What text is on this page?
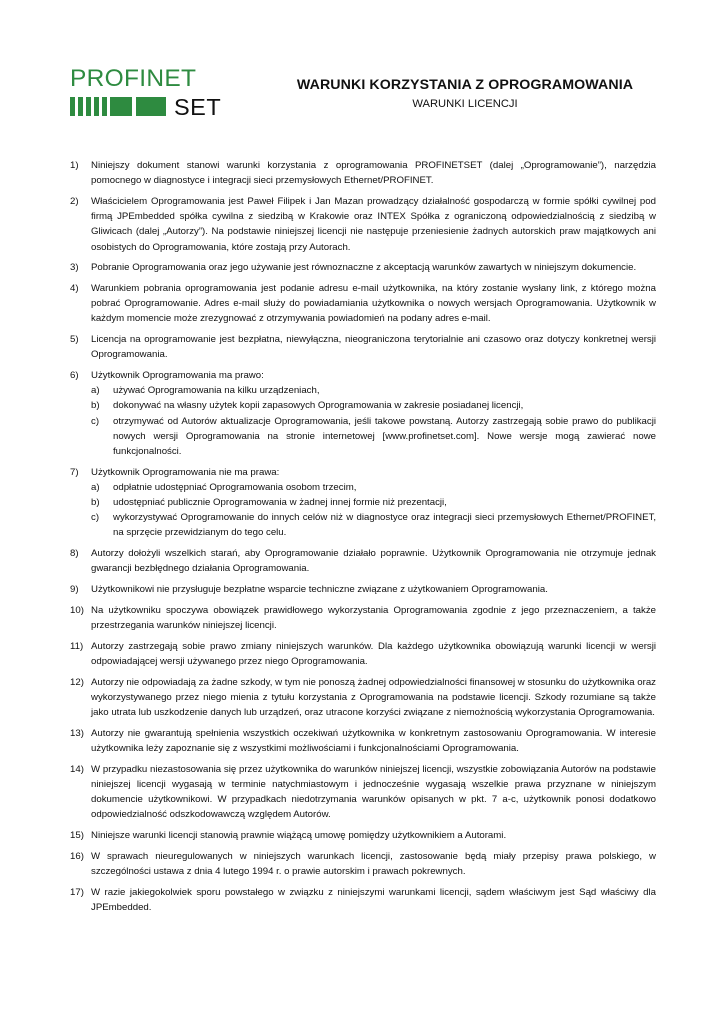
PROFINET
SET
WARUNKI KORZYSTANIA Z OPROGRAMOWANIA
WARUNKI LICENCJI
1) Niniejszy dokument stanowi warunki korzystania z oprogramowania PROFINETSET (dalej „Oprogramowanie”), narzędzia pomocnego w diagnostyce i integracji sieci przemysłowych Ethernet/PROFINET.
2) Właścicielem Oprogramowania jest Paweł Filipek i Jan Mazan prowadzący działalność gospodarczą w formie spółki cywilnej pod firmą JPEmbedded spółka cywilna z siedzibą w Krakowie oraz INTEX Spółka z ograniczoną odpowiedzialnością z siedzibą w Gliwicach (dalej „Autorzy”). Na podstawie niniejszej licencji nie następuje przeniesienie żadnych autorskich praw majątkowych ani osobistych do Oprogramowania, które zostają przy Autorach.
3) Pobranie Oprogramowania oraz jego używanie jest równoznaczne z akceptacją warunków zawartych w niniejszym dokumencie.
4) Warunkiem pobrania oprogramowania jest podanie adresu e-mail użytkownika, na który zostanie wysłany link, z którego można pobrać Oprogramowanie. Adres e-mail służy do powiadamiania użytkownika o nowych wersjach Oprogramowania. Użytkownik w każdym momencie może zrezygnować z otrzymywania powiadomień na podany adres e-mail.
5) Licencja na oprogramowanie jest bezpłatna, niewyłączna, nieograniczona terytorialnie ani czasowo oraz dotyczy konkretnej wersji Oprogramowania.
6) Użytkownik Oprogramowania ma prawo:
a) używać Oprogramowania na kilku urządzeniach,
b) dokonywać na własny użytek kopii zapasowych Oprogramowania w zakresie posiadanej licencji,
c) otrzymywać od Autorów aktualizacje Oprogramowania, jeśli takowe powstaną. Autorzy zastrzegają sobie prawo do publikacji nowych wersji Oprogramowania na stronie internetowej [www.profinetset.com]. Nowe wersje mogą zawierać nowe funkcjonalności.
7) Użytkownik Oprogramowania nie ma prawa:
a) odpłatnie udostępniać Oprogramowania osobom trzecim,
b) udostępniać publicznie Oprogramowania w żadnej innej formie niż prezentacji,
c) wykorzystywać Oprogramowanie do innych celów niż w diagnostyce oraz integracji sieci przemysłowych Ethernet/PROFINET, na sprzęcie przewidzianym do tego celu.
8) Autorzy dołożyli wszelkich starań, aby Oprogramowanie działało poprawnie. Użytkownik Oprogramowania nie otrzymuje jednak gwarancji bezbłędnego działania Oprogramowania.
9) Użytkownikowi nie przysługuje bezpłatne wsparcie techniczne związane z użytkowaniem Oprogramowania.
10) Na użytkowniku spoczywa obowiązek prawidłowego wykorzystania Oprogramowania zgodnie z jego przeznaczeniem, a także przestrzegania warunków niniejszej licencji.
11) Autorzy zastrzegają sobie prawo zmiany niniejszych warunków. Dla każdego użytkownika obowiązują warunki licencji w wersji odpowiadającej wersji używanego przez niego Oprogramowania.
12) Autorzy nie odpowiadają za żadne szkody, w tym nie ponoszą żadnej odpowiedzialności finansowej w stosunku do użytkownika oraz wykorzystywanego przez niego mienia z tytułu korzystania z Oprogramowania na podstawie licencji. Szkody rozumiane są także jako utrata lub uszkodzenie danych lub urządzeń, oraz utracone korzyści związane z niemożnością wykorzystania Oprogramowania.
13) Autorzy nie gwarantują spełnienia wszystkich oczekiwań użytkownika w konkretnym zastosowaniu Oprogramowania. W interesie użytkownika leży zapoznanie się z wszystkimi możliwościami i funkcjonalnościami Oprogramowania.
14) W przypadku niezastosowania się przez użytkownika do warunków niniejszej licencji, wszystkie zobowiązania Autorów na podstawie niniejszej licencji wygasają w terminie natychmiastowym i jednocześnie wygasają wszelkie prawa przyznane w niniejszym dokumencie użytkownikowi. W przypadkach niedotrzymania warunków opisanych w pkt. 7 a-c, użytkownik ponosi dodatkowo odpowiedzialność odszkodowawczą względem Autorów.
15) Niniejsze warunki licencji stanowią prawnie wiążącą umowę pomiędzy użytkownikiem a Autorami.
16) W sprawach nieuregulowanych w niniejszych warunkach licencji, zastosowanie będą miały przepisy prawa polskiego, w szczególności ustawa z dnia 4 lutego 1994 r. o prawie autorskim i prawach pokrewnych.
17) W razie jakiegokolwiek sporu powstałego w związku z niniejszymi warunkami licencji, sądem właściwym jest Sąd właściwy dla JPEmbedded.
